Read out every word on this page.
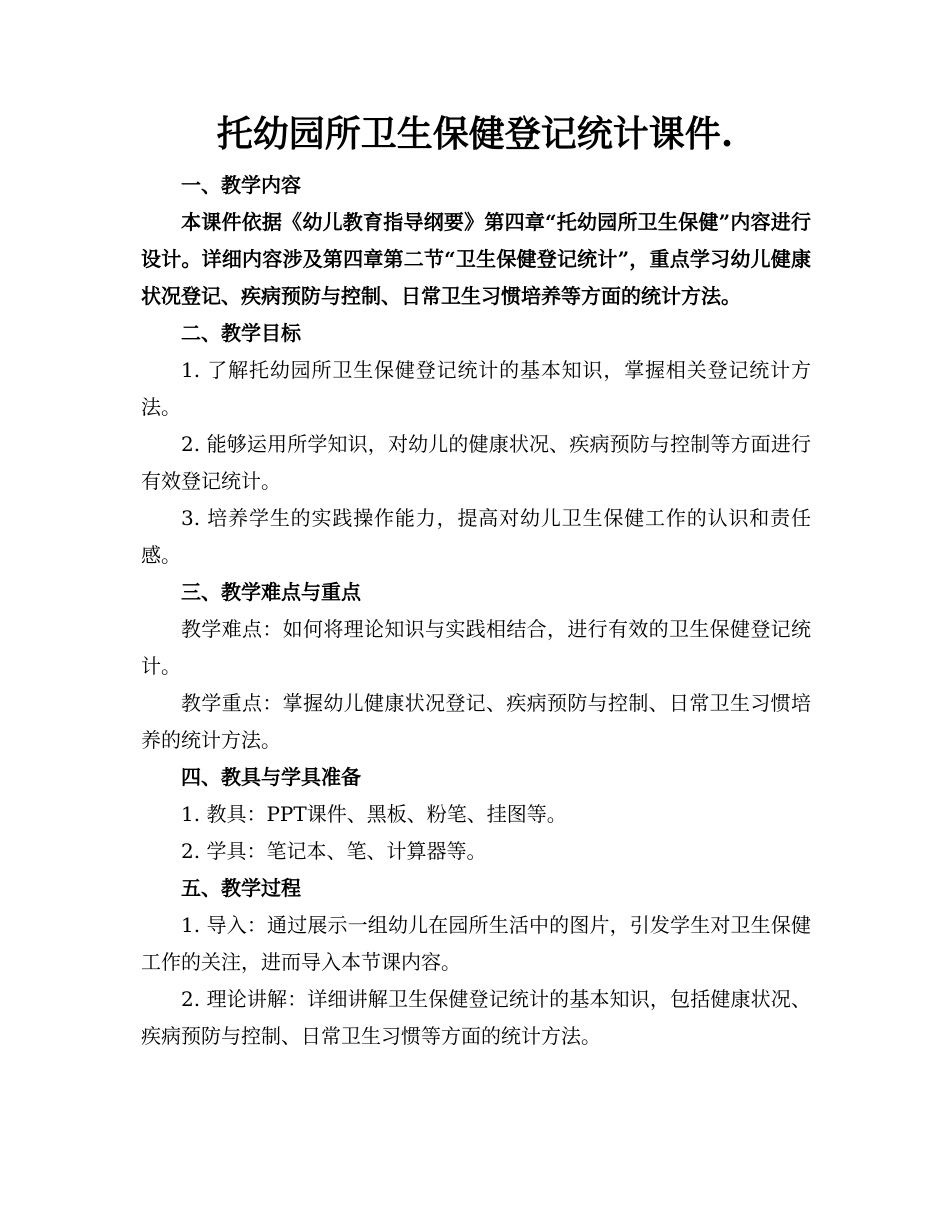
托幼园所卫生保健登记统计课件.

一、教学内容

本课件依据《幼儿教育指导纲要》第四章“托幼园所卫生保健”内容进行设计。详细内容涉及第四章第二节“卫生保健登记统计”，重点学习幼儿健康状况登记、疾病预防与控制、日常卫生习惯培养等方面的统计方法。

二、教学目标

1. 了解托幼园所卫生保健登记统计的基本知识，掌握相关登记统计方法。

2. 能够运用所学知识，对幼儿的健康状况、疾病预防与控制等方面进行有效登记统计。

3. 培养学生的实践操作能力，提高对幼儿卫生保健工作的认识和责任感。

三、教学难点与重点

教学难点：如何将理论知识与实践相结合，进行有效的卫生保健登记统计。

教学重点：掌握幼儿健康状况登记、疾病预防与控制、日常卫生习惯培养的统计方法。

四、教具与学具准备

1. 教具：PPT课件、黑板、粉笔、挂图等。

2. 学具：笔记本、笔、计算器等。

五、教学过程

1. 导入：通过展示一组幼儿在园所生活中的图片，引发学生对卫生保健工作的关注，进而导入本节课内容。

2. 理论讲解：详细讲解卫生保健登记统计的基本知识，包括健康状况、疾病预防与控制、日常卫生习惯等方面的统计方法。
